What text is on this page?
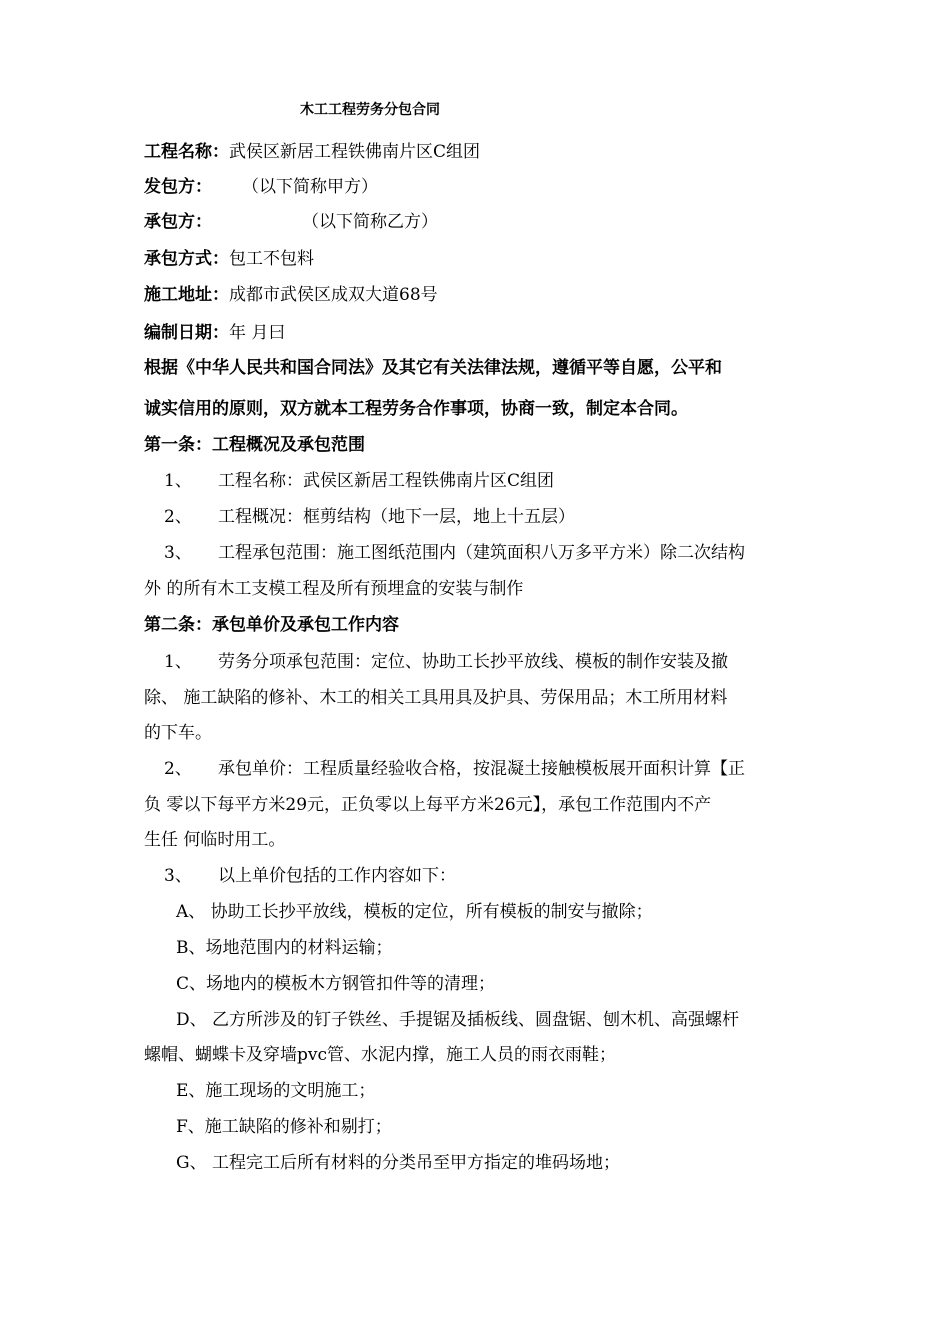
木工工程劳务分包合同
工程名称：武侯区新居工程铁佛南片区C组团
发包方： （以下简称甲方）
承包方：	（以下简称乙方）
承包方式：包工不包料
施工地址：成都市武侯区成双大道68号
编制日期：年 月曰
根据《中华人民共和国合同法》及其它有关法律法规，遵循平等自愿，公平和
诚实信用的原则，双方就本工程劳务合作事项，协商一致，制定本合同。
第一条：工程概况及承包范围
1、 工程名称：武侯区新居工程铁佛南片区C组团
2、 工程概况：框剪结构（地下一层，地上十五层）
3、 工程承包范围：施工图纸范围内（建筑面积八万多平方米）除二次结构
外 的所有木工支模工程及所有预埋盒的安装与制作
第二条：承包单价及承包工作内容
1、 劳务分项承包范围：定位、协助工长抄平放线、模板的制作安装及撤
除、 施工缺陷的修补、木工的相关工具用具及护具、劳保用品；木工所用材料
的下车。
2、 承包单价：工程质量经验收合格，按混凝土接触模板展开面积计算【正
负 零以下每平方米29元，正负零以上每平方米26元】，承包工作范围内不产
生任 何临时用工。
3、 以上单价包括的工作内容如下：
A、 协助工长抄平放线，模板的定位，所有模板的制安与撤除；
B、场地范围内的材料运输；
C、场地内的模板木方钢管扣件等的清理；
D、 乙方所涉及的钉子铁丝、手提锯及插板线、圆盘锯、刨木机、高强螺杆
螺帽、蝴蝶卡及穿墙pvc管、水泥内撑，施工人员的雨衣雨鞋；
E、施工现场的文明施工；
F、施工缺陷的修补和剔打；
G、 工程完工后所有材料的分类吊至甲方指定的堆码场地；
